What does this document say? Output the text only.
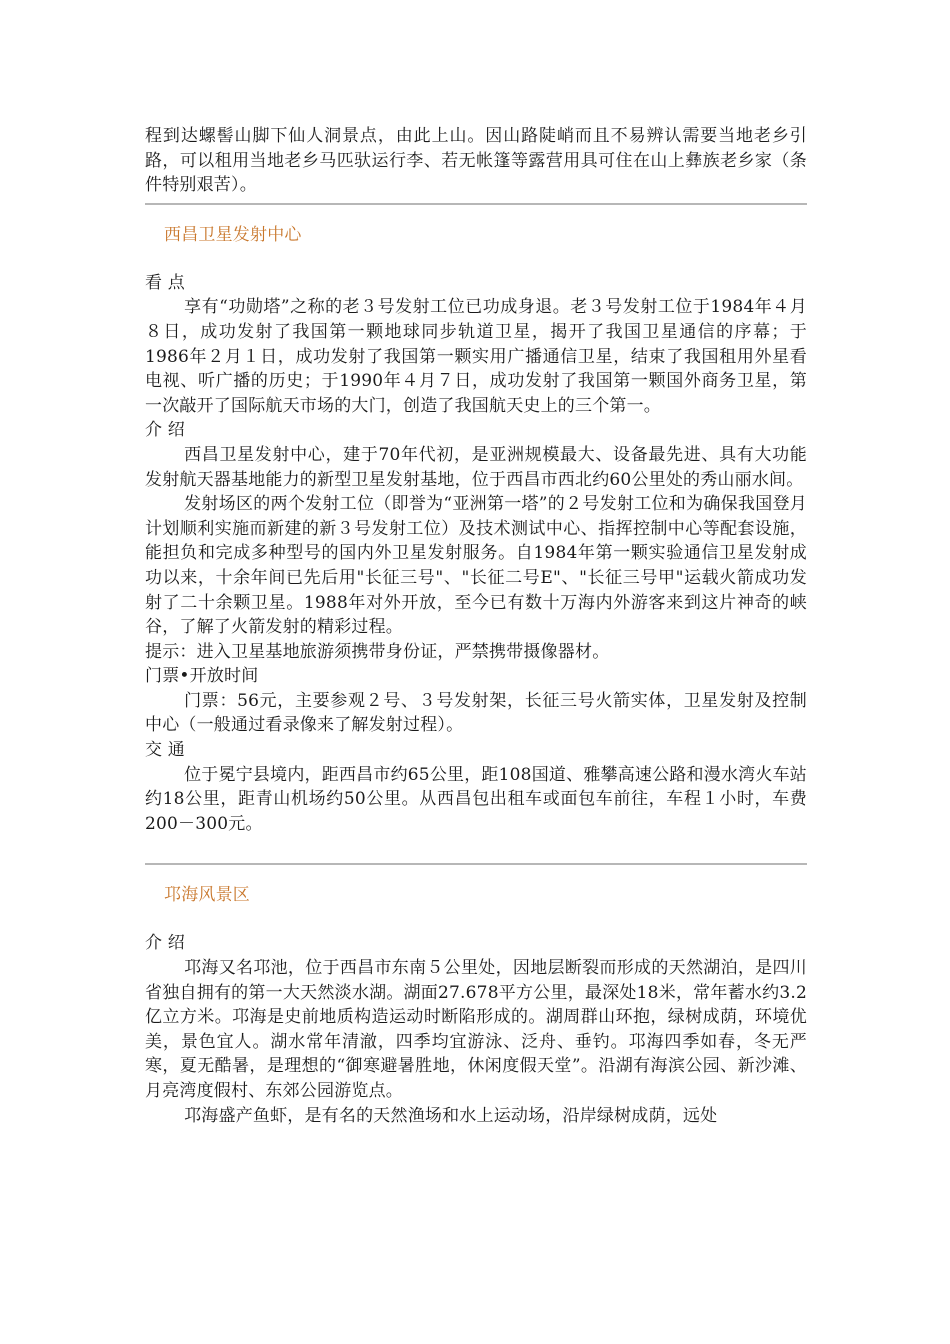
程到达螺髻山脚下仙人洞景点，由此上山。因山路陡峭而且不易辨认需要当地老乡引路，可以租用当地老乡马匹驮运行李、若无帐篷等露营用具可住在山上彝族老乡家（条件特别艰苦）。

西昌卫星发射中心

看 点

享有“功勋塔”之称的老３号发射工位已功成身退。老３号发射工位于1984年４月８日，成功发射了我国第一颗地球同步轨道卫星，揭开了我国卫星通信的序幕；于1986年２月１日，成功发射了我国第一颗实用广播通信卫星，结束了我国租用外星看电视、听广播的历史；于1990年４月７日，成功发射了我国第一颗国外商务卫星，第一次敲开了国际航天市场的大门，创造了我国航天史上的三个第一。

介 绍

西昌卫星发射中心，建于70年代初，是亚洲规模最大、设备最先进、具有大功能发射航天器基地能力的新型卫星发射基地，位于西昌市西北约60公里处的秀山丽水间。

发射场区的两个发射工位（即誉为“亚洲第一塔”的２号发射工位和为确保我国登月计划顺利实施而新建的新３号发射工位）及技术测试中心、指挥控制中心等配套设施，能担负和完成多种型号的国内外卫星发射服务。自1984年第一颗实验通信卫星发射成功以来，十余年间已先后用"长征三号"、"长征二号E"、"长征三号甲"运载火箭成功发射了二十余颗卫星。1988年对外开放，至今已有数十万海内外游客来到这片神奇的峡谷，了解了火箭发射的精彩过程。

提示：进入卫星基地旅游须携带身份证，严禁携带摄像器材。

门票•开放时间

门票：56元，主要参观２号、３号发射架，长征三号火箭实体，卫星发射及控制中心（一般通过看录像来了解发射过程）。

交 通

位于冕宁县境内，距西昌市约65公里，距108国道、雅攀高速公路和漫水湾火车站约18公里，距青山机场约50公里。从西昌包出租车或面包车前往，车程１小时，车费200－300元。

邛海风景区

介 绍

邛海又名邛池，位于西昌市东南５公里处，因地层断裂而形成的天然湖泊，是四川省独自拥有的第一大天然淡水湖。湖面27.678平方公里，最深处18米，常年蓄水约3.2亿立方米。邛海是史前地质构造运动时断陷形成的。湖周群山环抱，绿树成荫，环境优美，景色宜人。湖水常年清澈，四季均宜游泳、泛舟、垂钓。邛海四季如春，冬无严寒，夏无酷暑，是理想的“御寒避暑胜地，休闲度假天堂”。沿湖有海滨公园、新沙滩、月亮湾度假村、东郊公园游览点。

邛海盛产鱼虾，是有名的天然渔场和水上运动场，沿岸绿树成荫，远处
